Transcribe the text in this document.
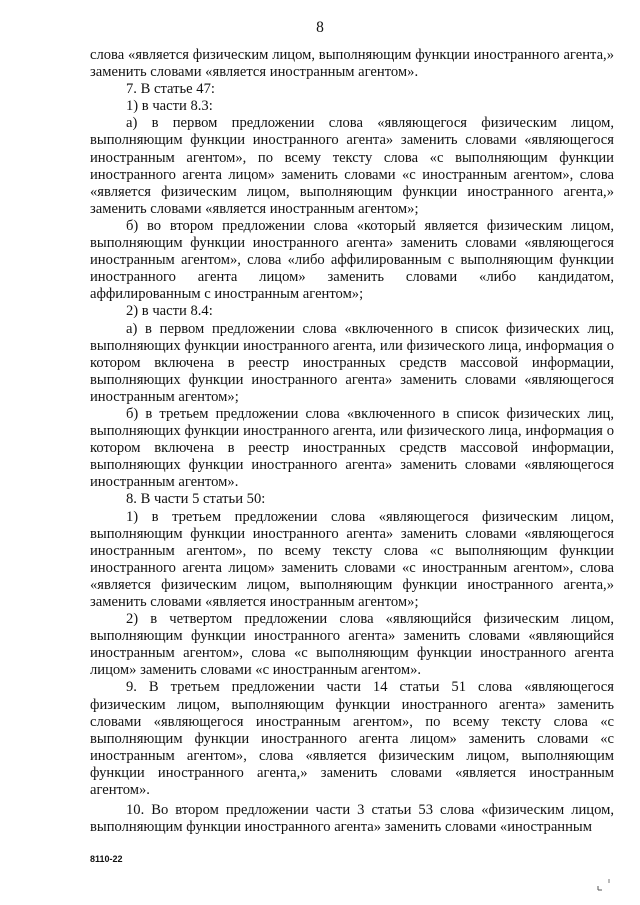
8

слова «является физическим лицом, выполняющим функции иностранного агента,» заменить словами «является иностранным агентом».

7. В статье 47:

1) в части 8.3:

а) в первом предложении слова «являющегося физическим лицом, выполняющим функции иностранного агента» заменить словами «являющегося иностранным агентом», по всему тексту слова «с выполняющим функции иностранного агента лицом» заменить словами «с иностранным агентом», слова «является физическим лицом, выполняющим функции иностранного агента,» заменить словами «является иностранным агентом»;

б) во втором предложении слова «который является физическим лицом, выполняющим функции иностранного агента» заменить словами «являющегося иностранным агентом», слова «либо аффилированным с выполняющим функции иностранного агента лицом» заменить словами «либо кандидатом, аффилированным с иностранным агентом»;

2) в части 8.4:

а) в первом предложении слова «включенного в список физических лиц, выполняющих функции иностранного агента, или физического лица, информация о котором включена в реестр иностранных средств массовой информации, выполняющих функции иностранного агента» заменить словами «являющегося иностранным агентом»;

б) в третьем предложении слова «включенного в список физических лиц, выполняющих функции иностранного агента, или физического лица, информация о котором включена в реестр иностранных средств массовой информации, выполняющих функции иностранного агента» заменить словами «являющегося иностранным агентом».

8. В части 5 статьи 50:

1) в третьем предложении слова «являющегося физическим лицом, выполняющим функции иностранного агента» заменить словами «являющегося иностранным агентом», по всему тексту слова «с выполняющим функции иностранного агента лицом» заменить словами «с иностранным агентом», слова «является физическим лицом, выполняющим функции иностранного агента,» заменить словами «является иностранным агентом»;

2) в четвертом предложении слова «являющийся физическим лицом, выполняющим функции иностранного агента» заменить словами «являющийся иностранным агентом», слова «с выполняющим функции иностранного агента лицом» заменить словами «с иностранным агентом».

9. В третьем предложении части 14 статьи 51 слова «являющегося физическим лицом, выполняющим функции иностранного агента» заменить словами «являющегося иностранным агентом», по всему тексту слова «с выполняющим функции иностранного агента лицом» заменить словами «с иностранным агентом», слова «является физическим лицом, выполняющим функции иностранного агента,» заменить словами «является иностранным агентом».

10. Во втором предложении части 3 статьи 53 слова «физическим лицом, выполняющим функции иностранного агента» заменить словами «иностранным

8110-22
